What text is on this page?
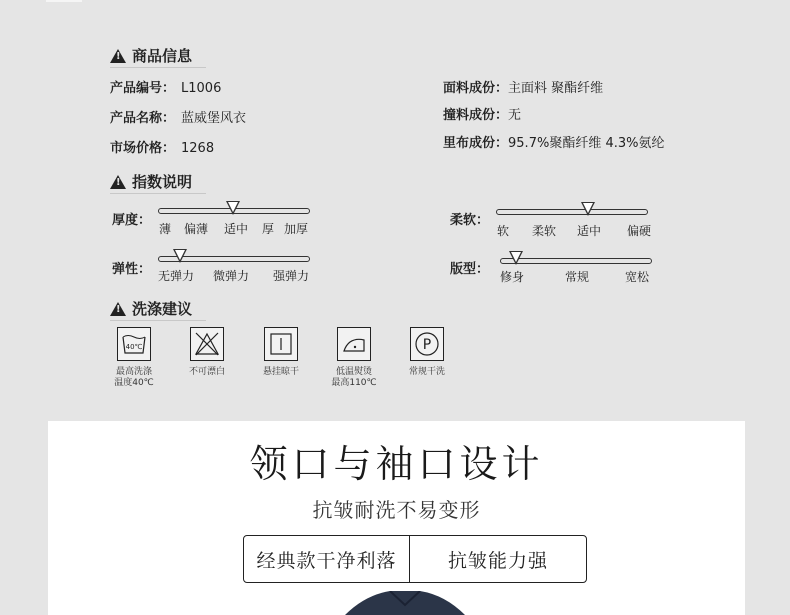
!
商品信息
产品编号： L1006
产品名称： 蓝威堡风衣
市场价格： 1268
面料成份：主面料 聚酯纤维
撞料成份：无
里布成份：95.7%聚酯纤维 4.3%氨纶
!
指数说明
厚度：
薄 偏薄 适中 厚 加厚
弹性： 无弹力 微弹力 强弹力
柔软：
软 柔软 适中 偏硬
版型： 修身	常规	宽松
!
洗涤建议
40℃
最高洗涤
温度40℃
不可漂白	悬挂晾干	低温熨烫
最高110℃
P
常规干洗
领口与袖口设计
抗皱耐洗不易变形
经典款干净利落	抗皱能力强
